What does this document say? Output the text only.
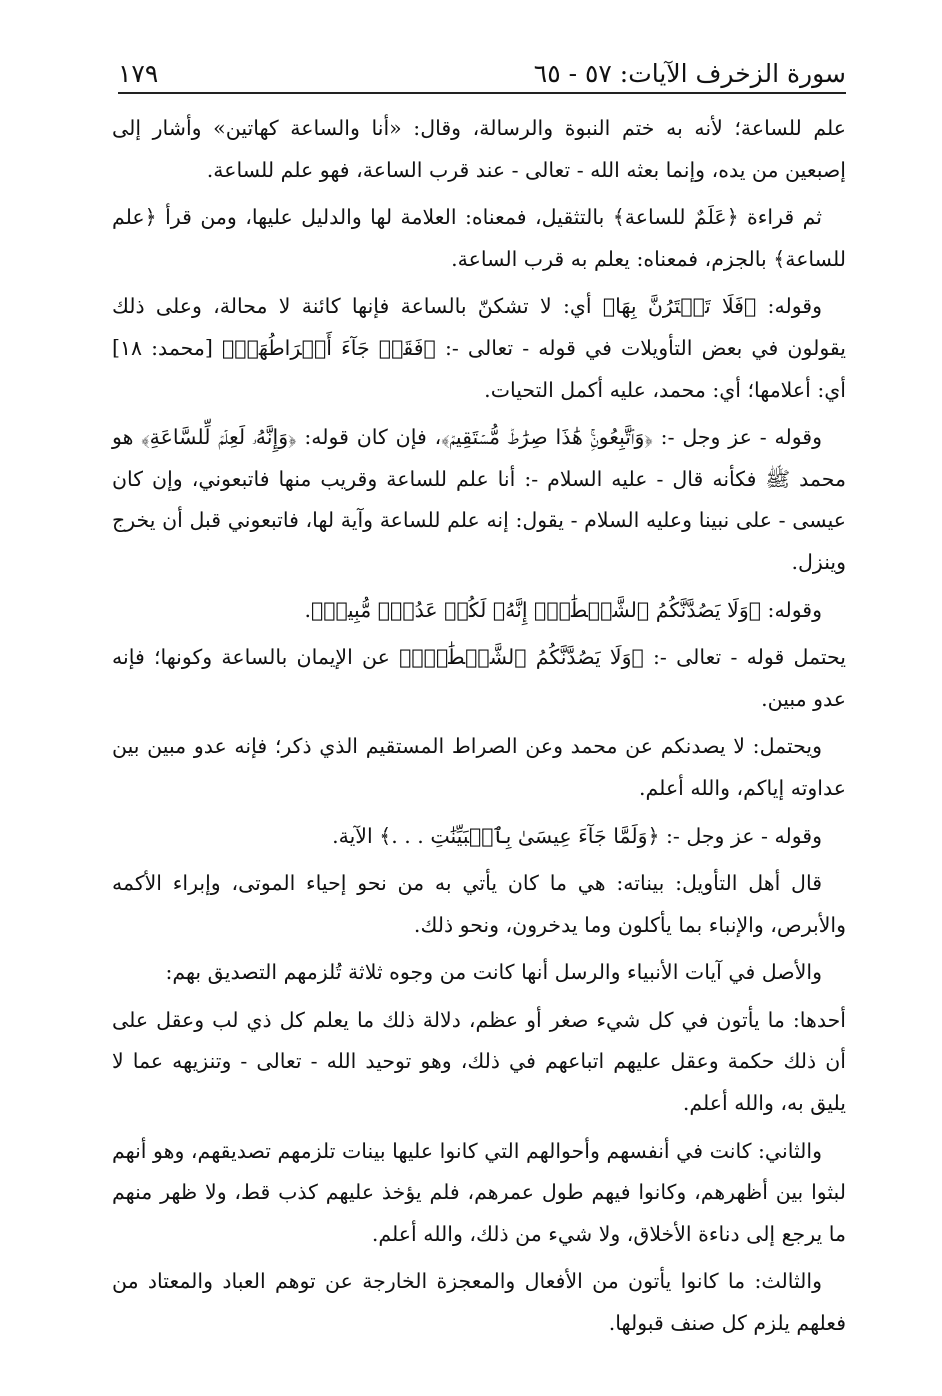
سورة الزخرف الآيات: ٥٧ - ٦٥
١٧٩

علم للساعة؛ لأنه به ختم النبوة والرسالة، وقال: «أنا والساعة كهاتين» وأشار إلى إصبعين من يده، وإنما بعثه الله - تعالى - عند قرب الساعة، فهو علم للساعة.

ثم قراءة ﴿عَلَمٌ للساعة﴾ بالتثقيل، فمعناه: العلامة لها والدليل عليها، ومن قرأ ﴿علم للساعة﴾ بالجزم، فمعناه: يعلم به قرب الساعة.

وقوله: ﴿فَلَا تَمۡتَرُنَّ بِهَا﴾ أي: لا تشكنّ بالساعة فإنها كائنة لا محالة، وعلى ذلك يقولون في بعض التأويلات في قوله - تعالى -: ﴿فَقَدۡ جَآءَ أَشۡرَاطُهَاۚ﴾ [محمد: ١٨] أي: أعلامها؛ أي: محمد، عليه أكمل التحيات.

وقوله - عز وجل -: ﴿وَٱتَّبِعُونِۚ هَٰذَا صِرَٰطٞ مُّسۡتَقِيمٞ﴾، فإن كان قوله: ﴿وَإِنَّهُۥ لَعِلۡمٞ لِّلسَّاعَةِ﴾ هو محمد ﷺ فكأنه قال - عليه السلام -: أنا علم للساعة وقريب منها فاتبعوني، وإن كان عيسى - على نبينا وعليه السلام - يقول: إنه علم للساعة وآية لها، فاتبعوني قبل أن يخرج وينزل.

وقوله: ﴿وَلَا يَصُدَّنَّكُمُ ٱلشَّيۡطَٰنُۖ إِنَّهُۥ لَكُمۡ عَدُوّٞ مُّبِينٞ﴾.

يحتمل قوله - تعالى -: ﴿وَلَا يَصُدَّنَّكُمُ ٱلشَّيۡطَٰنُۖ﴾ عن الإيمان بالساعة وكونها؛ فإنه عدو مبين.

ويحتمل: لا يصدنكم عن محمد وعن الصراط المستقيم الذي ذكر؛ فإنه عدو مبين بين عداوته إياكم، والله أعلم.

وقوله - عز وجل -: ﴿وَلَمَّا جَآءَ عِيسَىٰ بِٱلۡبَيِّنَٰتِ . . .﴾ الآية.

قال أهل التأويل: بيناته: هي ما كان يأتي به من نحو إحياء الموتى، وإبراء الأكمه والأبرص، والإنباء بما يأكلون وما يدخرون، ونحو ذلك.

والأصل في آيات الأنبياء والرسل أنها كانت من وجوه ثلاثة تُلزمهم التصديق بهم:

أحدها: ما يأتون في كل شيء صغر أو عظم، دلالة ذلك ما يعلم كل ذي لب وعقل على أن ذلك حكمة وعقل عليهم اتباعهم في ذلك، وهو توحيد الله - تعالى - وتنزيهه عما لا يليق به، والله أعلم.

والثاني: كانت في أنفسهم وأحوالهم التي كانوا عليها بينات تلزمهم تصديقهم، وهو أنهم لبثوا بين أظهرهم، وكانوا فيهم طول عمرهم، فلم يؤخذ عليهم كذب قط، ولا ظهر منهم ما يرجع إلى دناءة الأخلاق، ولا شيء من ذلك، والله أعلم.

والثالث: ما كانوا يأتون من الأفعال والمعجزة الخارجة عن توهم العباد والمعتاد من فعلهم يلزم كل صنف قبولها.
